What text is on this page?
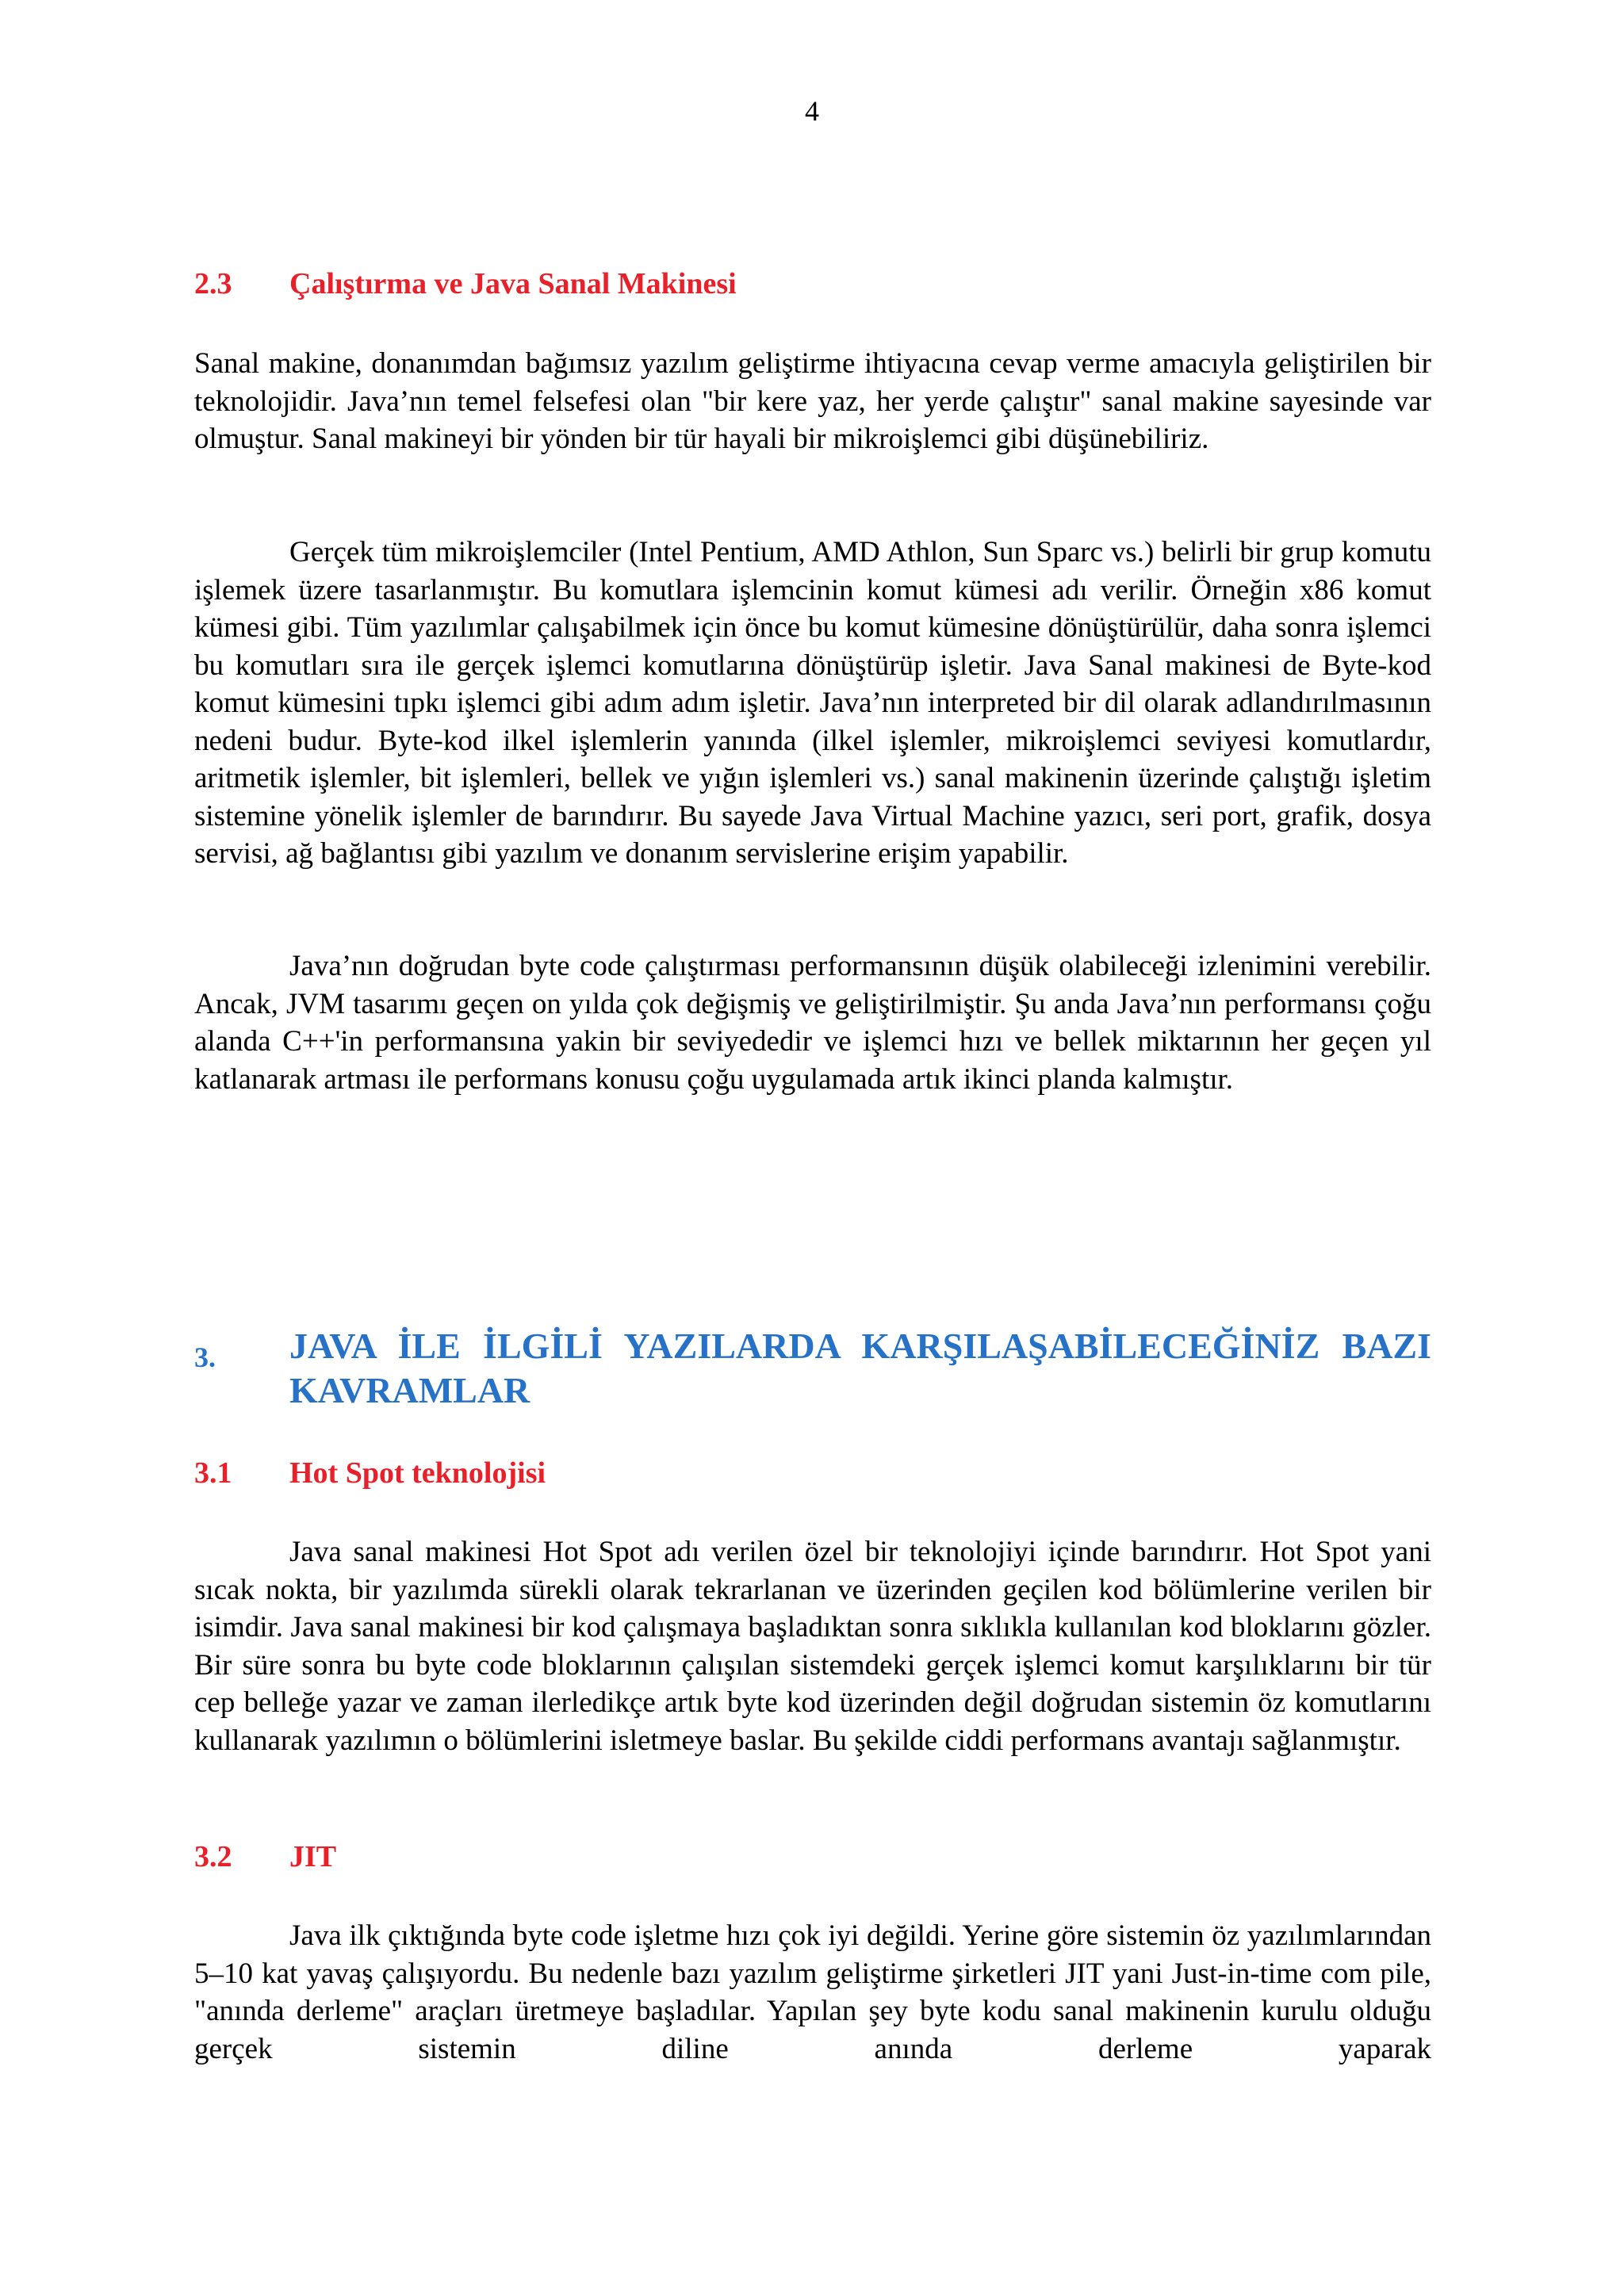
4
2.3 Çalıştırma ve Java Sanal Makinesi

Sanal makine, donanımdan bağımsız yazılım geliştirme ihtiyacına cevap verme amacıyla geliştirilen bir teknolojidir. Java’nın temel felsefesi olan "bir kere yaz, her yerde çalıştır" sanal makine sayesinde var olmuştur. Sanal makineyi bir yönden bir tür hayali bir mikroişlemci gibi düşünebiliriz.

Gerçek tüm mikroişlemciler (Intel Pentium, AMD Athlon, Sun Sparc vs.) belirli bir grup komutu işlemek üzere tasarlanmıştır. Bu komutlara işlemcinin komut kümesi adı verilir. Örneğin x86 komut kümesi gibi. Tüm yazılımlar çalışabilmek için önce bu komut kümesine dönüştürülür, daha sonra işlemci bu komutları sıra ile gerçek işlemci komutlarına dönüştürüp işletir. Java Sanal makinesi de Byte-kod komut kümesini tıpkı işlemci gibi adım adım işletir. Java’nın interpreted bir dil olarak adlandırılmasının nedeni budur. Byte-kod ilkel işlemlerin yanında (ilkel işlemler, mikroişlemci seviyesi komutlardır, aritmetik işlemler, bit işlemleri, bellek ve yığın işlemleri vs.) sanal makinenin üzerinde çalıştığı işletim sistemine yönelik işlemler de barındırır. Bu sayede Java Virtual Machine yazıcı, seri port, grafik, dosya servisi, ağ bağlantısı gibi yazılım ve donanım servislerine erişim yapabilir.

Java’nın doğrudan byte code çalıştırması performansının düşük olabileceği izlenimini verebilir. Ancak, JVM tasarımı geçen on yılda çok değişmiş ve geliştirilmiştir. Şu anda Java’nın performansı çoğu alanda C++'in performansına yakin bir seviyededir ve işlemci hızı ve bellek miktarının her geçen yıl katlanarak artması ile performans konusu çoğu uygulamada artık ikinci planda kalmıştır.

3. JAVA İLE İLGİLİ YAZILARDA KARŞILAŞABİLECEĞİNİZ BAZI KAVRAMLAR
3.1 Hot Spot teknolojisi

Java sanal makinesi Hot Spot adı verilen özel bir teknolojiyi içinde barındırır. Hot Spot yani sıcak nokta, bir yazılımda sürekli olarak tekrarlanan ve üzerinden geçilen kod bölümlerine verilen bir isimdir. Java sanal makinesi bir kod çalışmaya başladıktan sonra sıklıkla kullanılan kod bloklarını gözler. Bir süre sonra bu byte code bloklarının çalışılan sistemdeki gerçek işlemci komut karşılıklarını bir tür cep belleğe yazar ve zaman ilerledikçe artık byte kod üzerinden değil doğrudan sistemin öz komutlarını kullanarak yazılımın o bölümlerini isletmeye baslar. Bu şekilde ciddi performans avantajı sağlanmıştır.

3.2 JIT

Java ilk çıktığında byte code işletme hızı çok iyi değildi. Yerine göre sistemin öz yazılımlarından 5–10 kat yavaş çalışıyordu. Bu nedenle bazı yazılım geliştirme şirketleri JIT yani Just-in-time com pile, "anında derleme" araçları üretmeye başladılar. Yapılan şey byte kodu sanal makinenin kurulu olduğu gerçek sistemin diline anında derleme yaparak
